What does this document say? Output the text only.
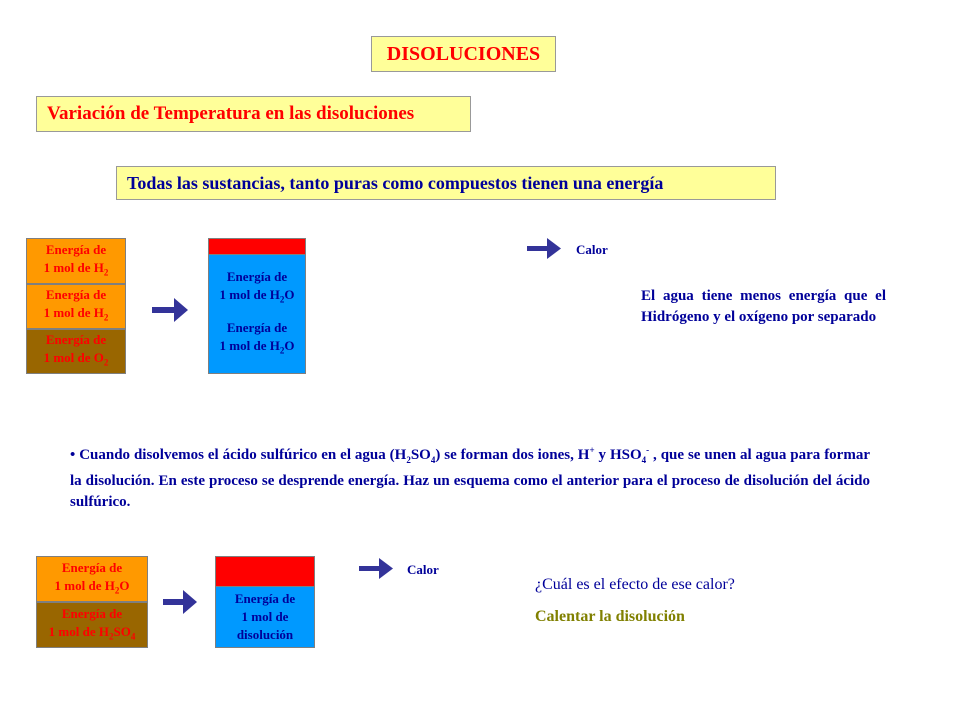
DISOLUCIONES
Variación de Temperatura en las disoluciones
Todas las sustancias, tanto puras como compuestos tienen una energía
Energía de
1 mol de $H_2$
Energía de
1 mol de $H_2$
Energía de
1 mol de $O_2$
Energía de
1 mol de $H_2O$
Energía de
1 mol de $H_2O$
Calor
El agua tiene menos energía que el Hidrógeno y el oxígeno por separado
• Cuando disolvemos el ácido sulfúrico en el agua $(H_2SO_4)$ se forman dos iones, H+ y $HSO_4^-$ , que se unen al agua para formar la disolución. En este proceso se desprende energía. Haz un esquema como el anterior para el proceso de disolución del ácido sulfúrico.
Energía de
1 mol de $H_2O$
Energía de
1 mol de $H_2SO_4$
Energía de
1 mol de
disolución
Calor
¿Cuál es el efecto de ese calor?
Calentar la disolución
